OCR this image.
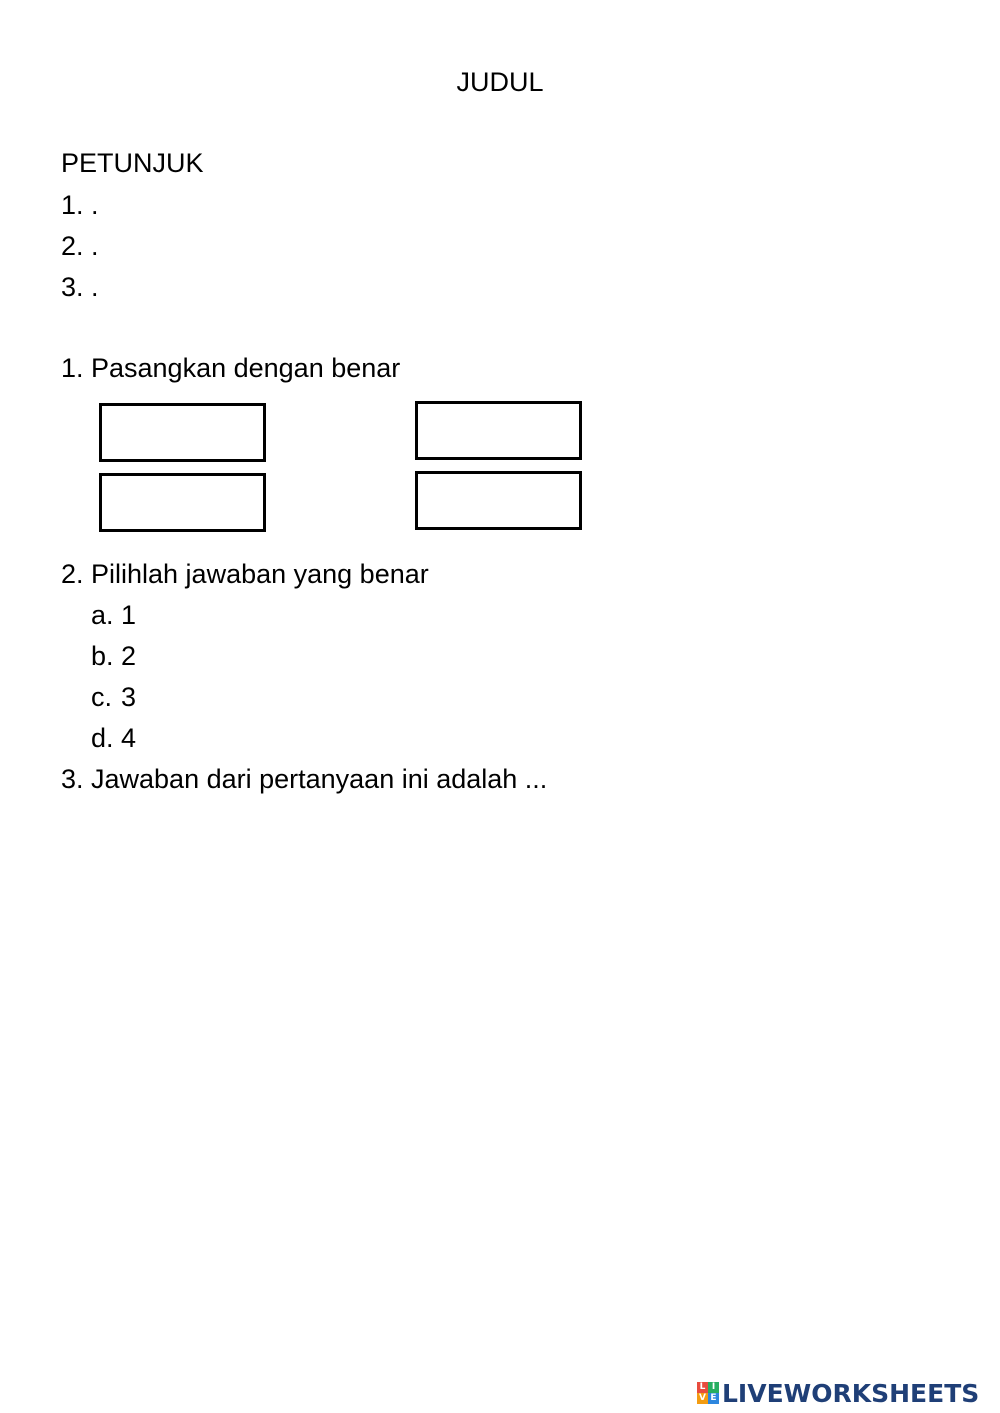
JUDUL
PETUNJUK
1. .
2. .
3. .
1. Pasangkan dengan benar
2. Pilihlah jawaban yang benar
a. 1
b. 2
c. 3
d. 4
3. Jawaban dari pertanyaan ini adalah ...
L I
V E LIVEWORKSHEETS
